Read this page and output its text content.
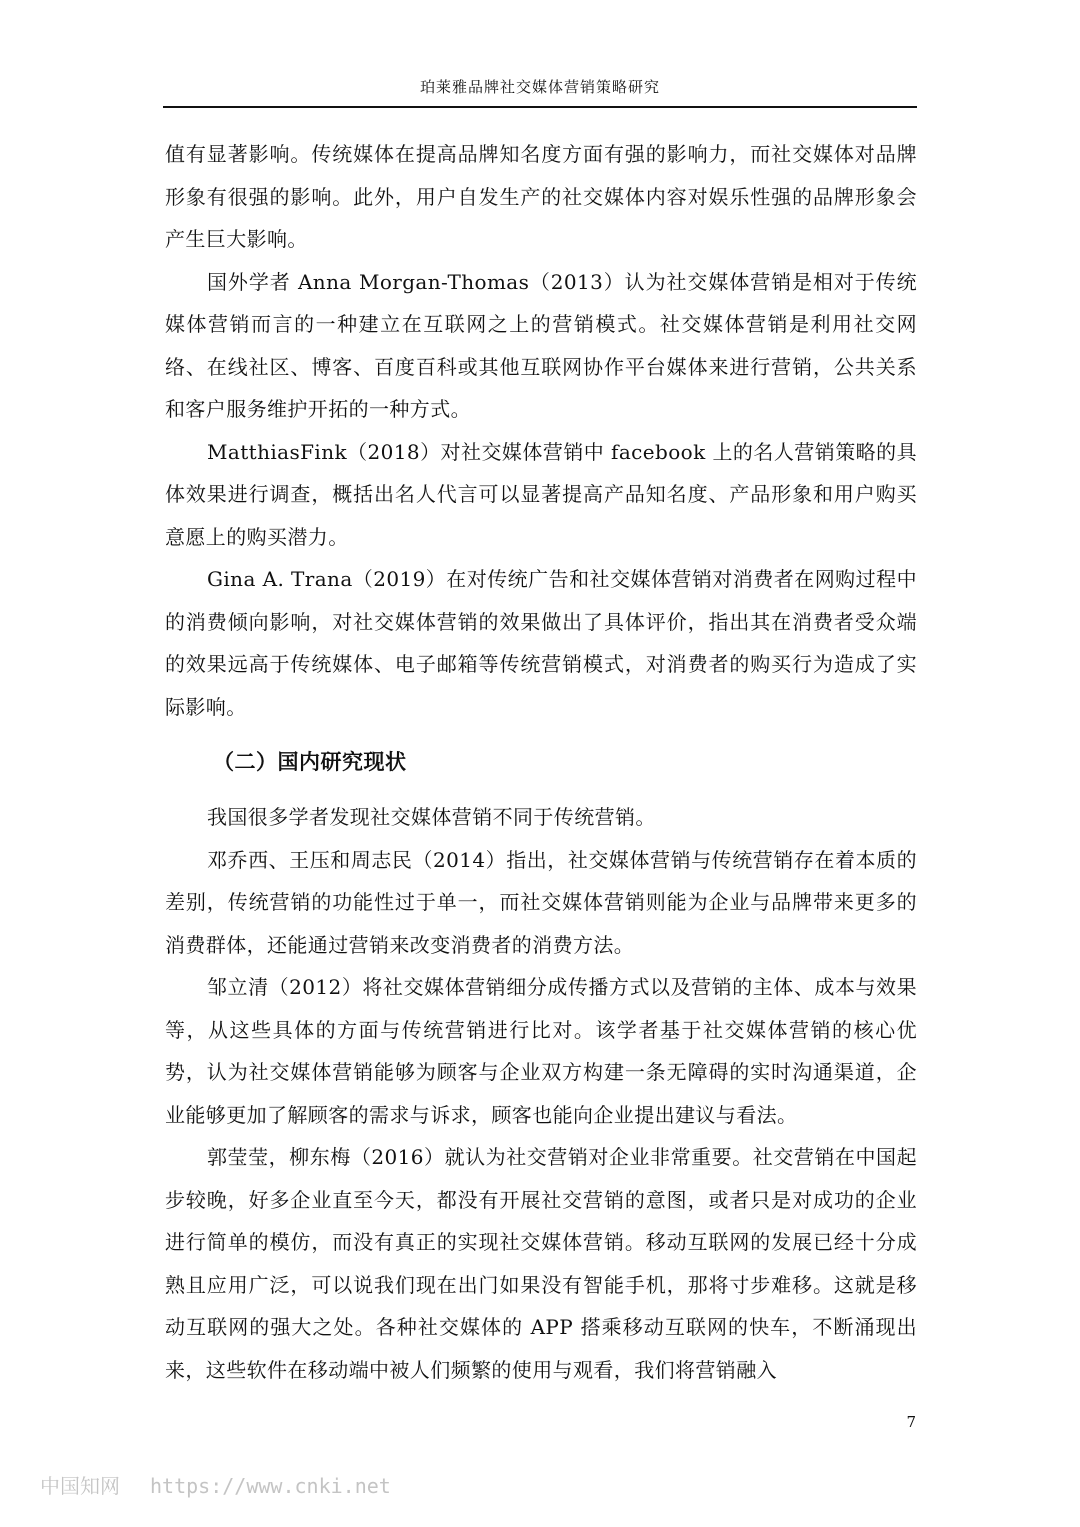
珀莱雅品牌社交媒体营销策略研究

值有显著影响。传统媒体在提高品牌知名度方面有强的影响力，而社交媒体对品牌形象有很强的影响。此外，用户自发生产的社交媒体内容对娱乐性强的品牌形象会产生巨大影响。

国外学者 Anna Morgan-Thomas（2013）认为社交媒体营销是相对于传统媒体营销而言的一种建立在互联网之上的营销模式。社交媒体营销是利用社交网络、在线社区、博客、百度百科或其他互联网协作平台媒体来进行营销，公共关系和客户服务维护开拓的一种方式。

MatthiasFink（2018）对社交媒体营销中 facebook 上的名人营销策略的具体效果进行调查，概括出名人代言可以显著提高产品知名度、产品形象和用户购买意愿上的购买潜力。

Gina A. Trana（2019）在对传统广告和社交媒体营销对消费者在网购过程中的消费倾向影响，对社交媒体营销的效果做出了具体评价，指出其在消费者受众端的效果远高于传统媒体、电子邮箱等传统营销模式，对消费者的购买行为造成了实际影响。

（二）国内研究现状

我国很多学者发现社交媒体营销不同于传统营销。

邓乔西、王压和周志民（2014）指出，社交媒体营销与传统营销存在着本质的差别，传统营销的功能性过于单一，而社交媒体营销则能为企业与品牌带来更多的消费群体，还能通过营销来改变消费者的消费方法。

邹立清（2012）将社交媒体营销细分成传播方式以及营销的主体、成本与效果等，从这些具体的方面与传统营销进行比对。该学者基于社交媒体营销的核心优势，认为社交媒体营销能够为顾客与企业双方构建一条无障碍的实时沟通渠道，企业能够更加了解顾客的需求与诉求，顾客也能向企业提出建议与看法。

郭莹莹，柳东梅（2016）就认为社交营销对企业非常重要。社交营销在中国起步较晚，好多企业直至今天，都没有开展社交营销的意图，或者只是对成功的企业进行简单的模仿，而没有真正的实现社交媒体营销。移动互联网的发展已经十分成熟且应用广泛，可以说我们现在出门如果没有智能手机，那将寸步难移。这就是移动互联网的强大之处。各种社交媒体的 APP 搭乘移动互联网的快车，不断涌现出来，这些软件在移动端中被人们频繁的使用与观看，我们将营销融入

7
中国知网 https://www.cnki.net
